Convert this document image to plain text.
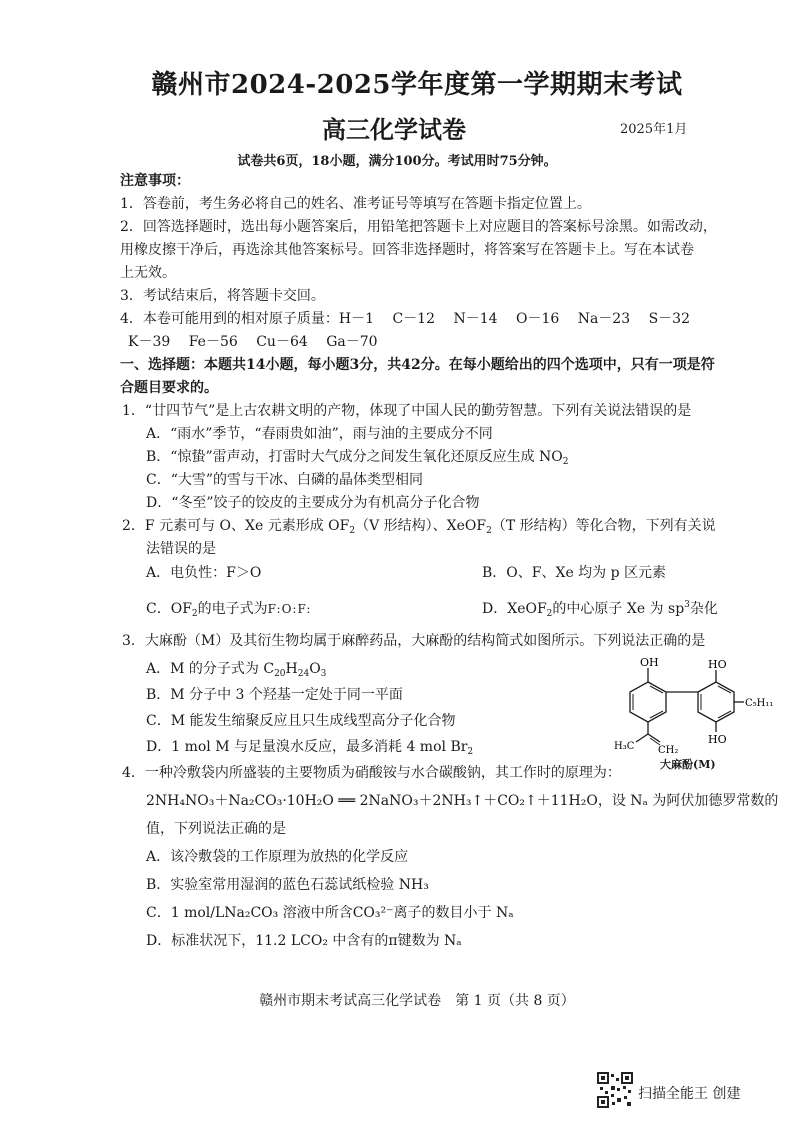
赣州市2024-2025学年度第一学期期末考试
高三化学试卷	2025年1月
试卷共6页，18小题，满分100分。考试用时75分钟。
注意事项：
1．答卷前，考生务必将自己的姓名、准考证号等填写在答题卡指定位置上。
2．回答选择题时，选出每小题答案后，用铅笔把答题卡上对应题目的答案标号涂黑。如需改动，
用橡皮擦干净后，再选涂其他答案标号。回答非选择题时，将答案写在答题卡上。写在本试卷
上无效。
3．考试结束后，将答题卡交回。
4．本卷可能用到的相对原子质量：H－1　 C－12　 N－14　 O－16　 Na－23　 S－32
K－39　 Fe－56　 Cu－64　 Ga－70
一、选择题：本题共14小题，每小题3分，共42分。在每小题给出的四个选项中，只有一项是符
合题目要求的。
1．“廿四节气”是上古农耕文明的产物，体现了中国人民的勤劳智慧。下列有关说法错误的是
A．“雨水”季节，“春雨贵如油”，雨与油的主要成分不同
B．“惊蛰”雷声动，打雷时大气成分之间发生氧化还原反应生成 $NO_2$
C．“大雪”的雪与干冰、白磷的晶体类型相同
D．“冬至”饺子的饺皮的主要成分为有机高分子化合物
2．F 元素可与 O、Xe 元素形成 $OF_2(V$ 形结构）、XeOF$_2$（T 形结构）等化合物，下列有关说
法错误的是
A．电负性：F＞O	B．O、F、Xe 均为 p 区元素
C．$OF_2$的电子式为F:O:F:	D．XeOF$_2$的中心原子 Xe 为 $sp^3$杂化
3．大麻酚（M）及其衍生物均属于麻醉药品，大麻酚的结构简式如图所示。下列说法正确的是
A．M 的分子式为 $C_{20}H_{24}O_3$
B．M 分子中 3 个羟基一定处于同一平面
C．M 能发生缩聚反应且只生成线型高分子化合物
D．1 mol M 与足量溴水反应，最多消耗 4 mol $Br_2$
OH
H₃C CH₂
HO
HO
C₅H₁₁
大麻酚(M)
4．一种冷敷袋内所盛装的主要物质为硝酸铵与水合碳酸钠，其工作时的原理为：
2NH₄NO₃＋Na₂CO₃·10H₂O ══ 2NaNO₃＋2NH₃↑＋CO₂↑＋11H₂O，设 Nₐ 为阿伏加德罗常数的
值，下列说法正确的是
A．该冷敷袋的工作原理为放热的化学反应
B．实验室常用湿润的蓝色石蕊试纸检验 NH₃
C．1 mol/LNa₂CO₃ 溶液中所含CO₃²⁻离子的数目小于 Nₐ
D．标准状况下，11.2 LCO₂ 中含有的π键数为 Nₐ
赣州市期末考试高三化学试卷　第 1 页（共 8 页）
扫描全能王 创建
